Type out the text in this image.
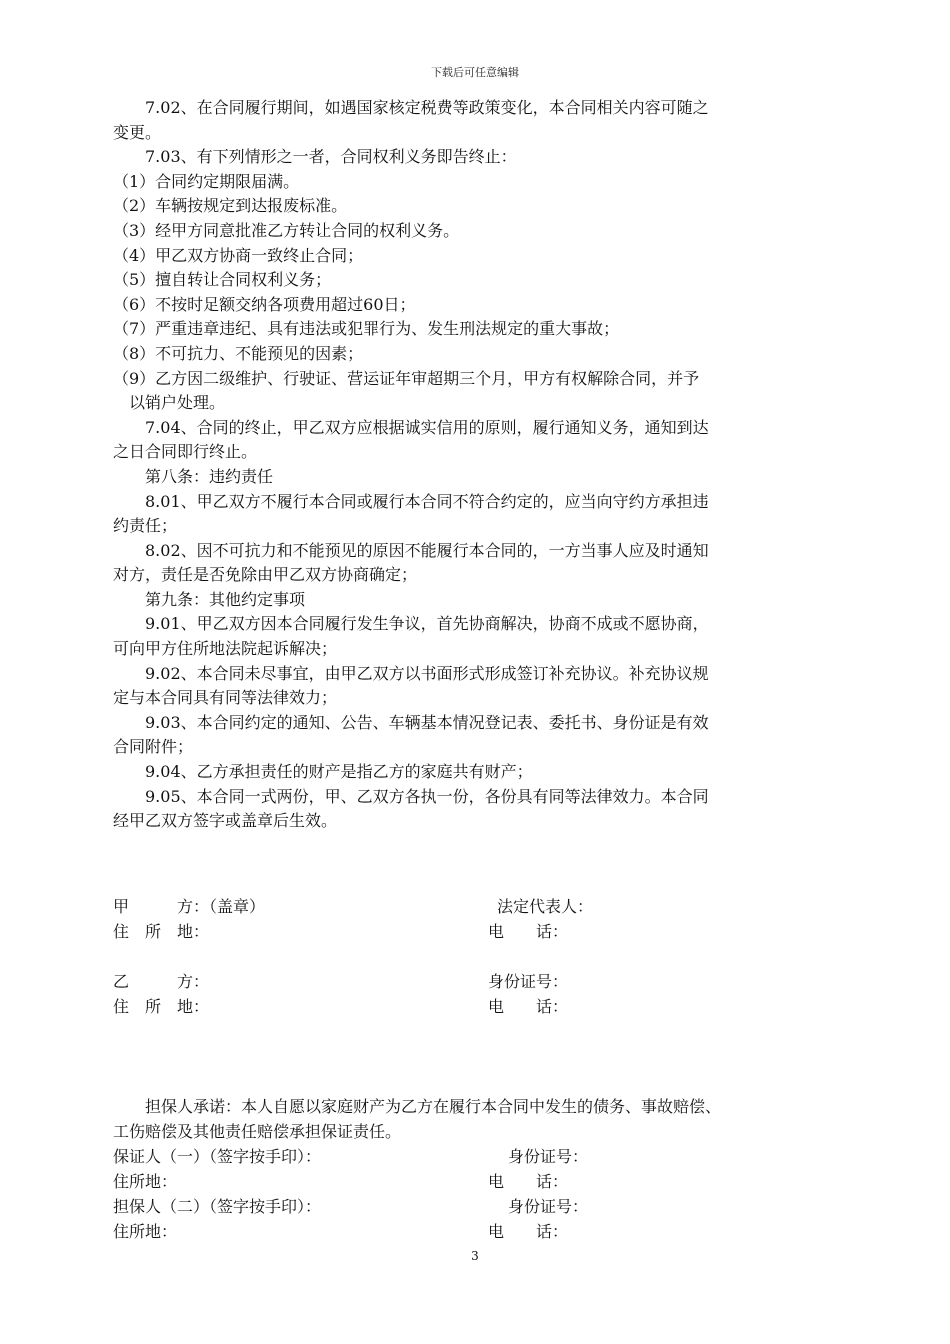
下载后可任意编辑
　　7.02、在合同履行期间，如遇国家核定税费等政策变化，本合同相关内容可随之
变更。
　　7.03、有下列情形之一者，合同权利义务即告终止：
（1）合同约定期限届满。
（2）车辆按规定到达报废标准。
（3）经甲方同意批准乙方转让合同的权利义务。
（4）甲乙双方协商一致终止合同；
（5）擅自转让合同权利义务；
（6）不按时足额交纳各项费用超过60日；
（7）严重违章违纪、具有违法或犯罪行为、发生刑法规定的重大事故；
（8）不可抗力、不能预见的因素；
（9）乙方因二级维护、行驶证、营运证年审超期三个月，甲方有权解除合同，并予
　以销户处理。
　　7.04、合同的终止，甲乙双方应根据诚实信用的原则，履行通知义务，通知到达
之日合同即行终止。
　　第八条：违约责任
　　8.01、甲乙双方不履行本合同或履行本合同不符合约定的，应当向守约方承担违
约责任；
　　8.02、因不可抗力和不能预见的原因不能履行本合同的，一方当事人应及时通知
对方，责任是否免除由甲乙双方协商确定；
　　第九条：其他约定事项
　　9.01、甲乙双方因本合同履行发生争议，首先协商解决，协商不成或不愿协商，
可向甲方住所地法院起诉解决；
　　9.02、本合同未尽事宜，由甲乙双方以书面形式形成签订补充协议。补充协议规
定与本合同具有同等法律效力；
　　9.03、本合同约定的通知、公告、车辆基本情况登记表、委托书、身份证是有效
合同附件；
　　9.04、乙方承担责任的财产是指乙方的家庭共有财产；
　　9.05、本合同一式两份，甲、乙双方各执一份，各份具有同等法律效力。本合同
经甲乙双方签字或盖章后生效。
甲　　　方：（盖章）	法定代表人：
住　所　地：	电　　话：
乙　　　方：	身份证号：
住　所　地：	电　　话：
　　担保人承诺：本人自愿以家庭财产为乙方在履行本合同中发生的债务、事故赔偿、
工伤赔偿及其他责任赔偿承担保证责任。
保证人（一）（签字按手印）：	身份证号：
住所地：	电　　话：
担保人（二）（签字按手印）：	身份证号：
住所地：	电　　话：
3
